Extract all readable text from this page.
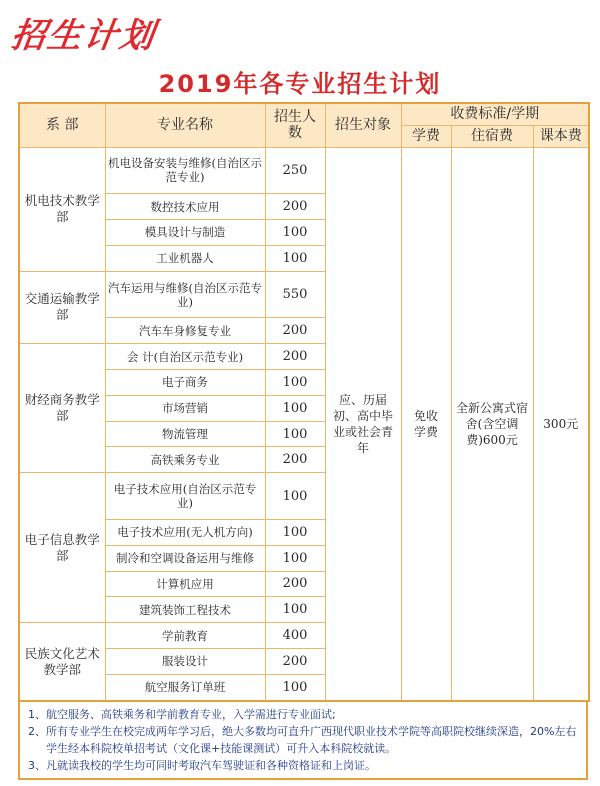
招生计划
2019年各专业招生计划
系 部	专业名称	招生人数	招生对象	收费标准/学期		
				学费	住宿费	课本费
机电技术教学部	机电设备安装与维修(自治区示范专业)	250	应、历届初、高中毕业或社会青年	免收学费	全新公寓式宿舍(含空调费)600元	300元
	数控技术应用	200				
	模具设计与制造	100				
	工业机器人	100				
交通运输教学部	汽车运用与维修(自治区示范专业)	550				
	汽车车身修复专业	200				
财经商务教学部	会 计(自治区示范专业)	200				
	电子商务	100				
	市场营销	100				
	物流管理	100				
	高铁乘务专业	200				
电子信息教学部	电子技术应用(自治区示范专业)	100				
	电子技术应用(无人机方向)	100				
	制冷和空调设备运用与维修	100				
	计算机应用	200				
	建筑装饰工程技术	100				
民族文化艺术教学部	学前教育	400				
	服装设计	200				
	航空服务订单班	100				
1、航空服务、高铁乘务和学前教育专业，入学需进行专业面试;
2、所有专业学生在校完成两年学习后，绝大多数均可直升广西现代职业技术学院等高职院校继续深造，20%左右学生经本科院校单招考试（文化课+技能课测试）可升入本科院校就读。
3、凡就读我校的学生均可同时考取汽车驾驶证和各种资格证和上岗证。
